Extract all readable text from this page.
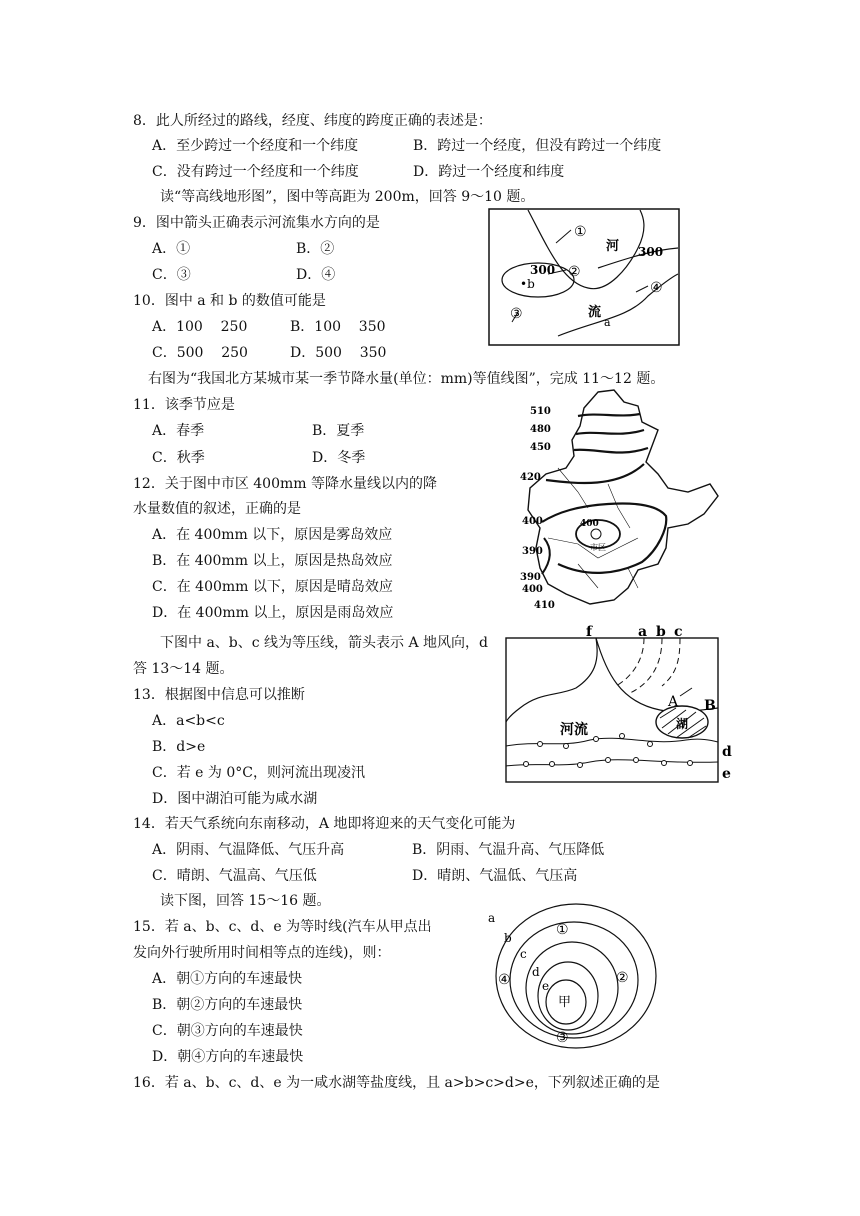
8．此人所经过的路线，经度、纬度的跨度正确的表述是：
A．至少跨过一个经度和一个纬度	B．跨过一个经度，但没有跨过一个纬度
C．没有跨过一个经度和一个纬度	D．跨过一个经度和纬度
读“等高线地形图”，图中等高距为 200m，回答 9～10 题。
9．图中箭头正确表示河流集水方向的是
A．①	B．②
C．③	D．④
10．图中 a 和 b 的数值可能是
A．100    250	B．100    350
C．500    250	D．500    350
①
河 300
300 ②
•b
③	流
④
a
右图为“我国北方某城市某一季节降水量(单位：mm)等值线图”，完成 11～12 题。
11．该季节应是
A．春季	B．夏季
C．秋季	D．冬季
12．关于图中市区 400mm 等降水量线以内的降
水量数值的叙述，正确的是
A．在 400mm 以下，原因是雾岛效应
B．在 400mm 以上，原因是热岛效应
C．在 400mm 以下，原因是晴岛效应
D．在 400mm 以上，原因是雨岛效应
510
480
450
420
400	400
390
390
400
410
市区
下图中 a、b、c 线为等压线，箭头表示 A 地风向，d
答 13～14 题。
13．根据图中信息可以推断
A．a<b<c
B．d>e
C．若 e 为 0°C，则河流出现凌汛
D．图中湖泊可能为咸水湖
f	a b c
A B
河流	湖
d
e
14．若天气系统向东南移动，A 地即将迎来的天气变化可能为
A．阴雨、气温降低、气压升高	B．阴雨、气温升高、气压降低
C．晴朗、气温高、气压低	D．晴朗、气温低、气压高
读下图，回答 15～16 题。
15．若 a、b、c、d、e 为等时线(汽车从甲点出
发向外行驶所用时间相等点的连线)，则：
A．朝①方向的车速最快
B．朝②方向的车速最快
C．朝③方向的车速最快
D．朝④方向的车速最快
a
b
c
d
e
甲
①
②
③
④
16．若 a、b、c、d、e 为一咸水湖等盐度线，且 a>b>c>d>e，下列叙述正确的是
